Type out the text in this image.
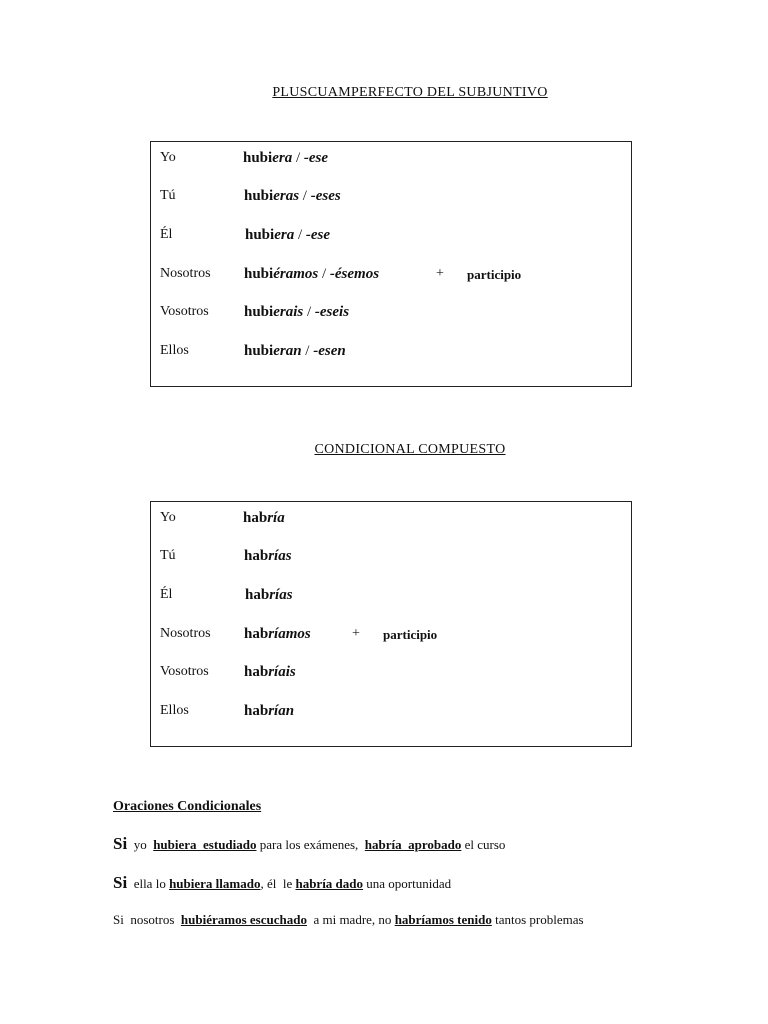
PLUSCUAMPERFECTO DEL SUBJUNTIVO
Yo	hubiera / -ese
Tú	hubieras / -eses
Él	hubiera / -ese
Nosotros hubiéramos / -ésemos	+ participio
Vosotros hubierais / -eseis
Ellos	hubieran / -esen
CONDICIONAL COMPUESTO
Yo	habría
Tú	habrías
Él	habrías
Nosotros habríamos	+ participio
Vosotros habríais
Ellos	habrían
Oraciones Condicionales
Si yo hubiera  estudiado para los exámenes, habría  aprobado el curso
Si ella lo hubiera llamado, él  le habría dado una oportunidad
Si nosotros hubiéramos escuchado a mi madre, no habríamos tenido tantos problemas
